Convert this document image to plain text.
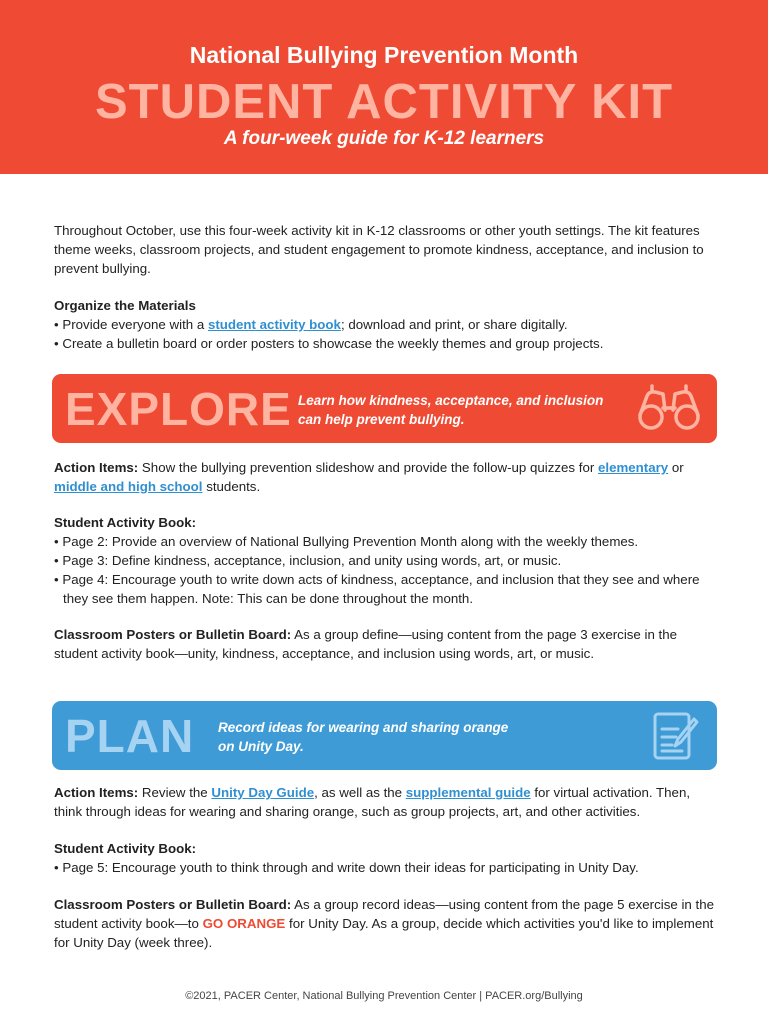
National Bullying Prevention Month
STUDENT ACTIVITY KIT
A four-week guide for K-12 learners

Throughout October, use this four-week activity kit in K-12 classrooms or other youth settings. The kit features theme weeks, classroom projects, and student engagement to promote kindness, acceptance, and inclusion to prevent bullying.

Organize the Materials

• Provide everyone with a student activity book; download and print, or share digitally.

• Create a bulletin board or order posters to showcase the weekly themes and group projects.

EXPLORE Learn how kindness, acceptance, and inclusion
can help prevent bullying.

Action Items: Show the bullying prevention slideshow and provide the follow-up quizzes for elementary or middle and high school students.

Student Activity Book:

• Page 2: Provide an overview of National Bullying Prevention Month along with the weekly themes.

• Page 3: Define kindness, acceptance, inclusion, and unity using words, art, or music.

• Page 4: Encourage youth to write down acts of kindness, acceptance, and inclusion that they see and where

they see them happen. Note: This can be done throughout the month.

Classroom Posters or Bulletin Board: As a group define—using content from the page 3 exercise in the student activity book—unity, kindness, acceptance, and inclusion using words, art, or music.

PLAN Record ideas for wearing and sharing orange
on Unity Day.

Action Items: Review the Unity Day Guide, as well as the supplemental guide for virtual activation. Then, think through ideas for wearing and sharing orange, such as group projects, art, and other activities.

Student Activity Book:

• Page 5: Encourage youth to think through and write down their ideas for participating in Unity Day.

Classroom Posters or Bulletin Board: As a group record ideas—using content from the page 5 exercise in the student activity book—to GO ORANGE for Unity Day. As a group, decide which activities you'd like to implement for Unity Day (week three).

©2021, PACER Center, National Bullying Prevention Center | PACER.org/Bullying
